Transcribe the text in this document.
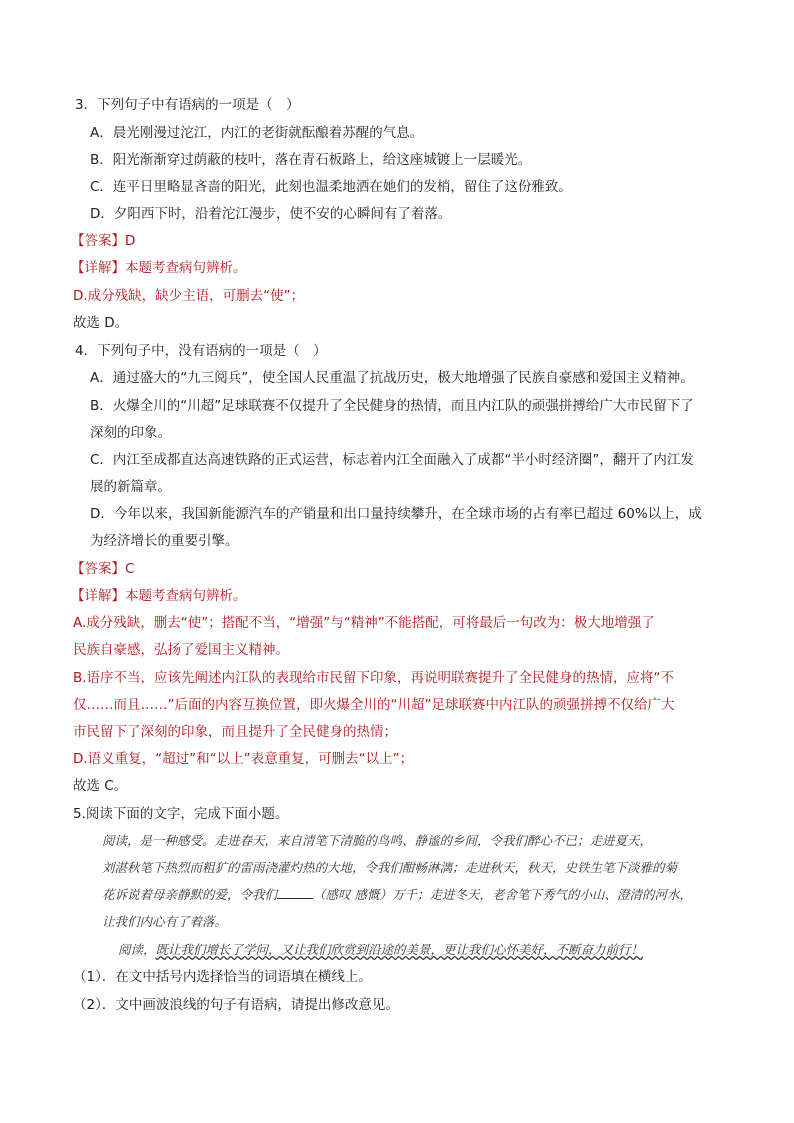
3．下列句子中有语病的一项是（　）
A．晨光刚漫过沱江，内江的老街就酝酿着苏醒的气息。
B．阳光渐渐穿过荫蔽的枝叶，落在青石板路上，给这座城镀上一层暖光。
C．连平日里略显吝啬的阳光，此刻也温柔地洒在她们的发梢，留住了这份雅致。
D．夕阳西下时，沿着沱江漫步，使不安的心瞬间有了着落。
【答案】D
【详解】本题考查病句辨析。
D.成分残缺，缺少主语，可删去“使”；
故选 D。
4．下列句子中，没有语病的一项是（　）
A．通过盛大的“九三阅兵”，使全国人民重温了抗战历史，极大地增强了民族自豪感和爱国主义精神。
B．火爆全川的“川超”足球联赛不仅提升了全民健身的热情，而且内江队的顽强拼搏给广大市民留下了
深刻的印象。
C．内江至成都直达高速铁路的正式运营，标志着内江全面融入了成都“半小时经济圈”，翻开了内江发
展的新篇章。
D．今年以来，我国新能源汽车的产销量和出口量持续攀升，在全球市场的占有率已超过 60%以上，成
为经济增长的重要引擎。
【答案】C
【详解】本题考查病句辨析。
A.成分残缺，删去“使”；搭配不当，“增强”与“精神”不能搭配，可将最后一句改为：极大地增强了
民族自豪感，弘扬了爱国主义精神。
B.语序不当，应该先阐述内江队的表现给市民留下印象，再说明联赛提升了全民健身的热情，应将“不
仅……而且……”后面的内容互换位置，即火爆全川的“川超”足球联赛中内江队的顽强拼搏不仅给广大
市民留下了深刻的印象，而且提升了全民健身的热情；
D.语义重复，“超过”和“以上”表意重复，可删去“以上”；
故选 C。
5.阅读下面的文字，完成下面小题。
阅读，是一种感受。走进春天，来自清笔下清脆的鸟鸣、静谧的乡间，令我们醉心不已；走进夏天，
刘湛秋笔下热烈而粗犷的雷雨浇灌灼热的大地，令我们酣畅淋漓；走进秋天，秋天，史铁生笔下淡雅的菊
花诉说着母亲静默的爱，令我们	（感叹 感慨）万千；走进冬天，老舍笔下秀气的小山、澄清的河水，
让我们内心有了着落。
阅读，既让我们增长了学问，又让我们欣赏到沿途的美景，更让我们心怀美好，不断奋力前行！
（1）．在文中括号内选择恰当的词语填在横线上。
（2）．文中画波浪线的句子有语病，请提出修改意见。
